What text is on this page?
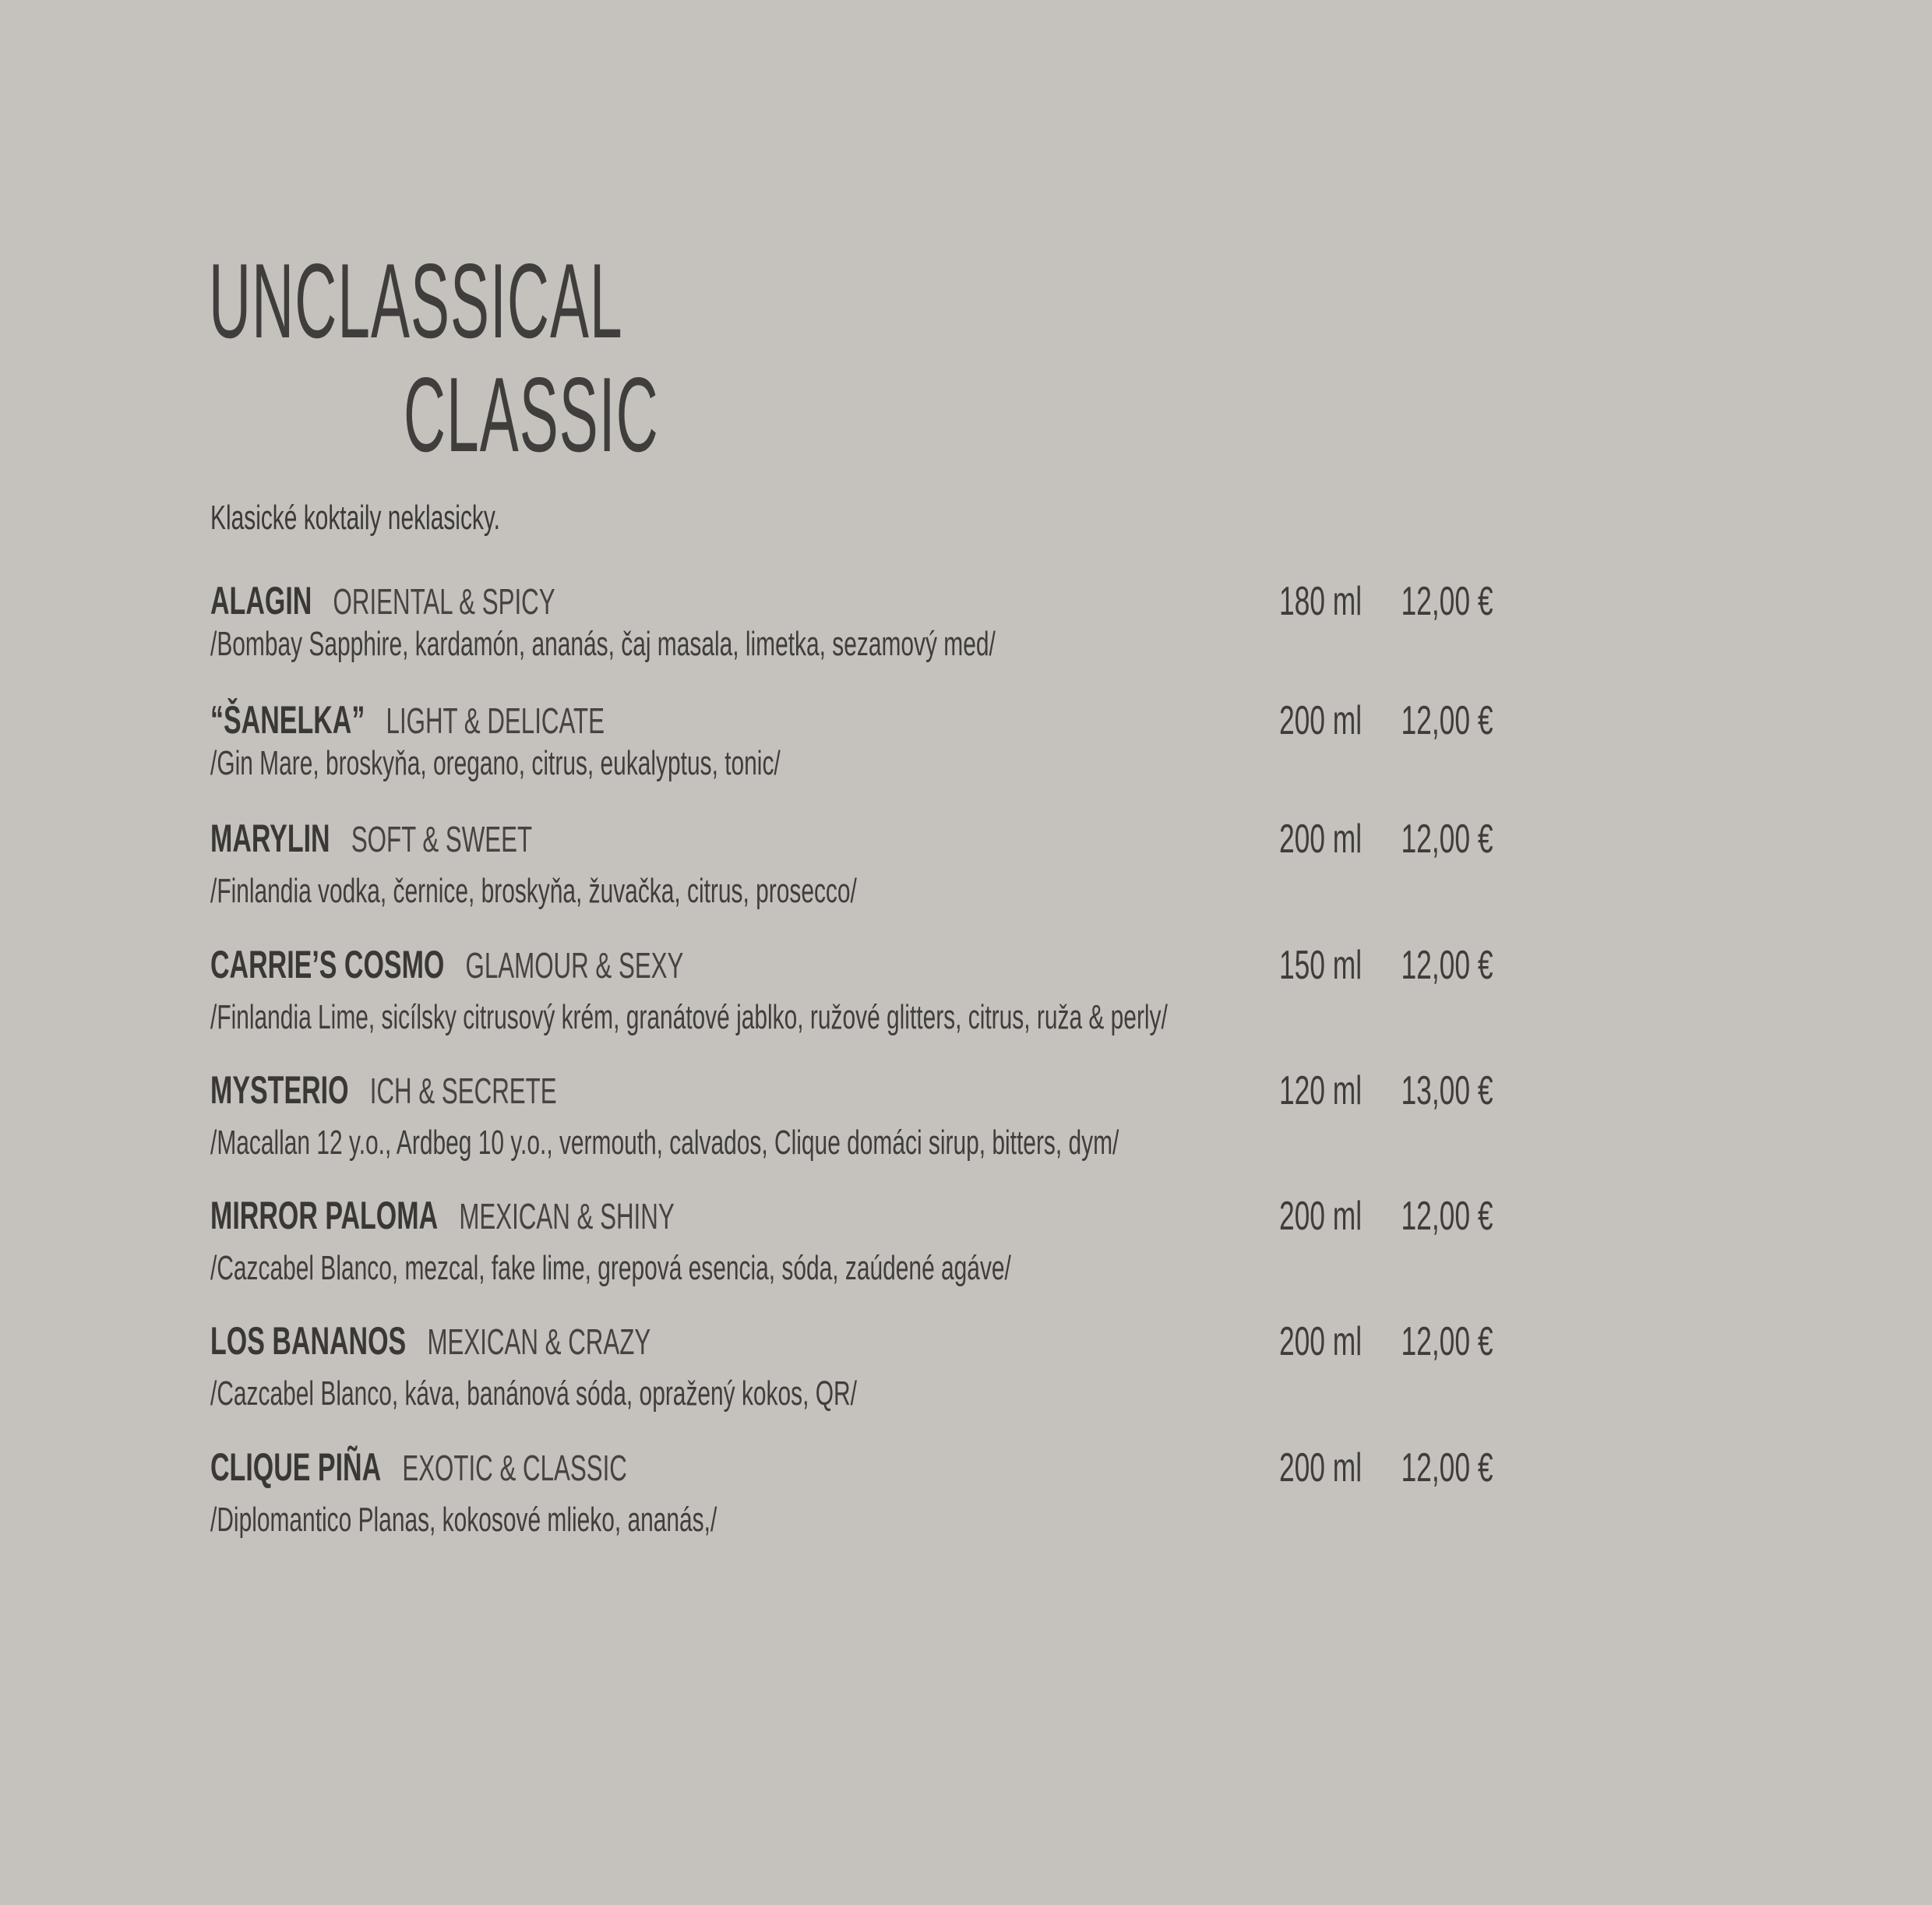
UNCLASSICAL
CLASSIC
Klasické koktaily neklasicky.
ALAGIN ORIENTAL & SPICY	180 ml 12,00 €
/Bombay Sapphire, kardamón, ananás, čaj masala, limetka, sezamový med/
“ŠANELKA” LIGHT & DELICATE	200 ml 12,00 €
/Gin Mare, broskyňa, oregano, citrus, eukalyptus, tonic/
MARYLIN SOFT & SWEET	200 ml 12,00 €
/Finlandia vodka, černice, broskyňa, žuvačka, citrus, prosecco/
CARRIE’S COSMO GLAMOUR & SEXY	150 ml 12,00 €
/Finlandia Lime, sicílsky citrusový krém, granátové jablko, ružové glitters, citrus, ruža & perly/
MYSTERIO ICH & SECRETE	120 ml 13,00 €
/Macallan 12 y.o., Ardbeg 10 y.o., vermouth, calvados, Clique domáci sirup, bitters, dym/
MIRROR PALOMA MEXICAN & SHINY	200 ml 12,00 €
/Cazcabel Blanco, mezcal, fake lime, grepová esencia, sóda, zaúdené agáve/
LOS BANANOS MEXICAN & CRAZY	200 ml 12,00 €
/Cazcabel Blanco, káva, banánová sóda, opražený kokos, QR/
CLIQUE PIÑA EXOTIC & CLASSIC	200 ml 12,00 €
/Diplomantico Planas, kokosové mlieko, ananás,/
